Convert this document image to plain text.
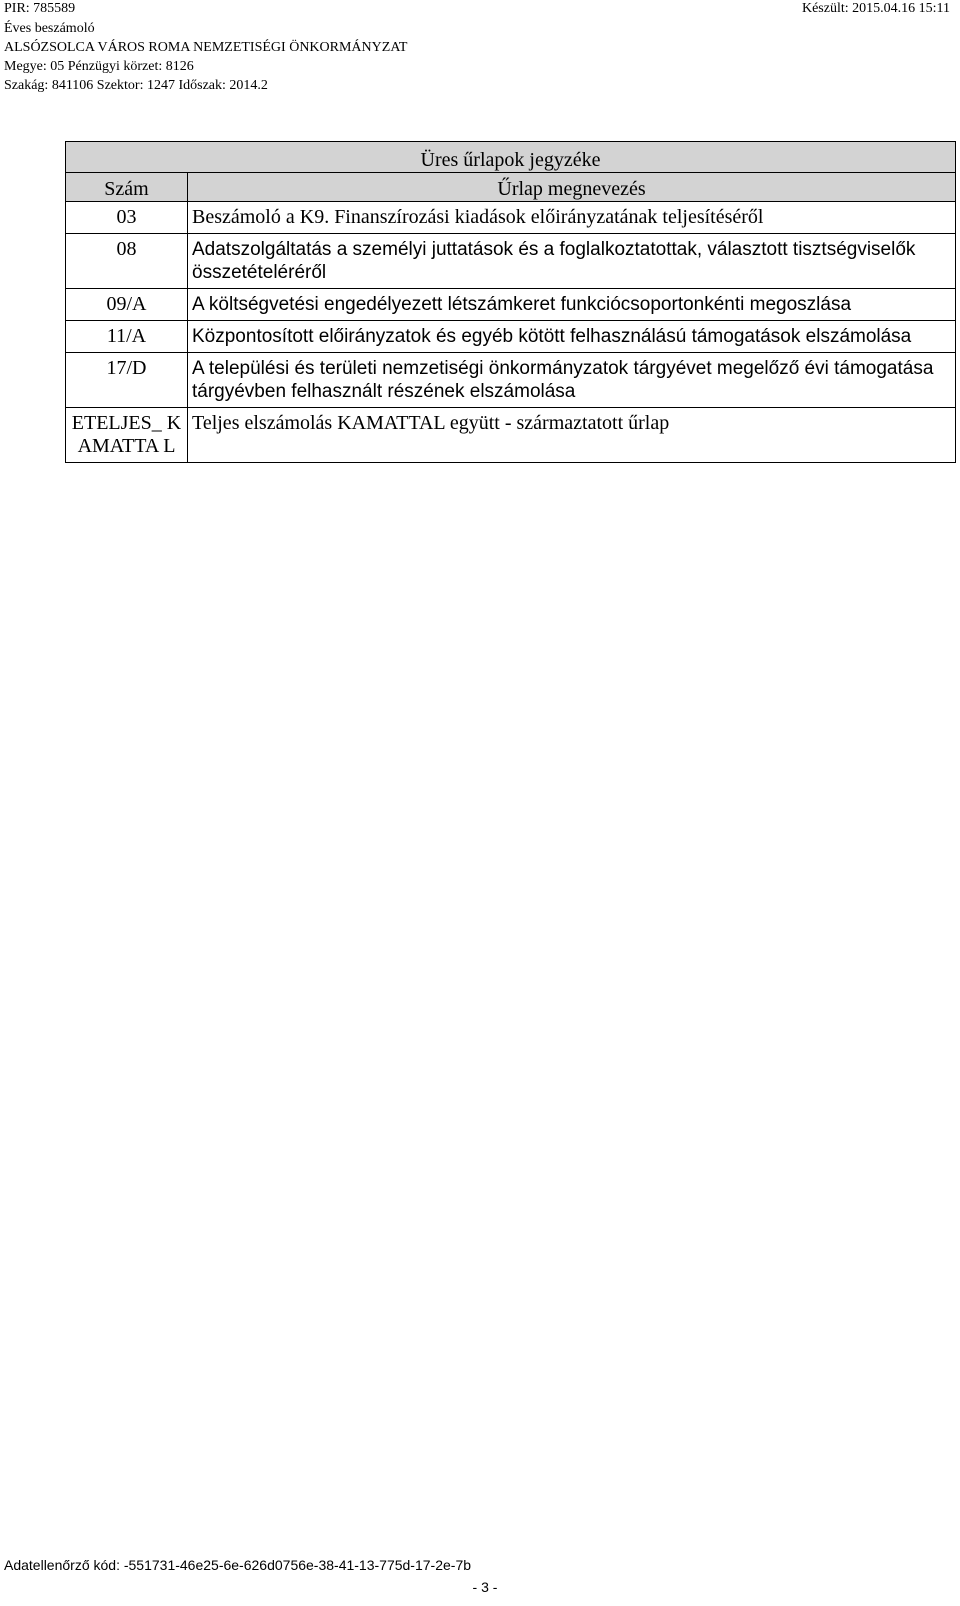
PIR: 785589
Éves beszámoló
ALSÓZSOLCA VÁROS ROMA NEMZETISÉGI ÖNKORMÁNYZAT
Megye: 05 Pénzügyi körzet: 8126
Szakág: 841106 Szektor: 1247 Időszak: 2014.2
Készült: 2015.04.16 15:11
Üres űrlapok jegyzéke	
Szám	Űrlap megnevezés
03	Beszámoló a K9. Finanszírozási kiadások előirányzatának teljesítéséről
08	Adatszolgáltatás a személyi juttatások és a foglalkoztatottak, választott tisztségviselők összetételéréről
09/A	A költségvetési engedélyezett létszámkeret funkciócsoportonkénti megoszlása
11/A	Központosított előirányzatok és egyéb kötött felhasználású támogatások elszámolása
17/D	A települési és területi nemzetiségi önkormányzatok tárgyévet megelőző évi támogatása tárgyévben felhasznált részének elszámolása
ETELJES_ KAMATTA L	Teljes elszámolás KAMATTAL együtt - származtatott űrlap
Adatellenőrző kód: -551731-46e25-6e-626d0756e-38-41-13-775d-17-2e-7b
- 3 -
